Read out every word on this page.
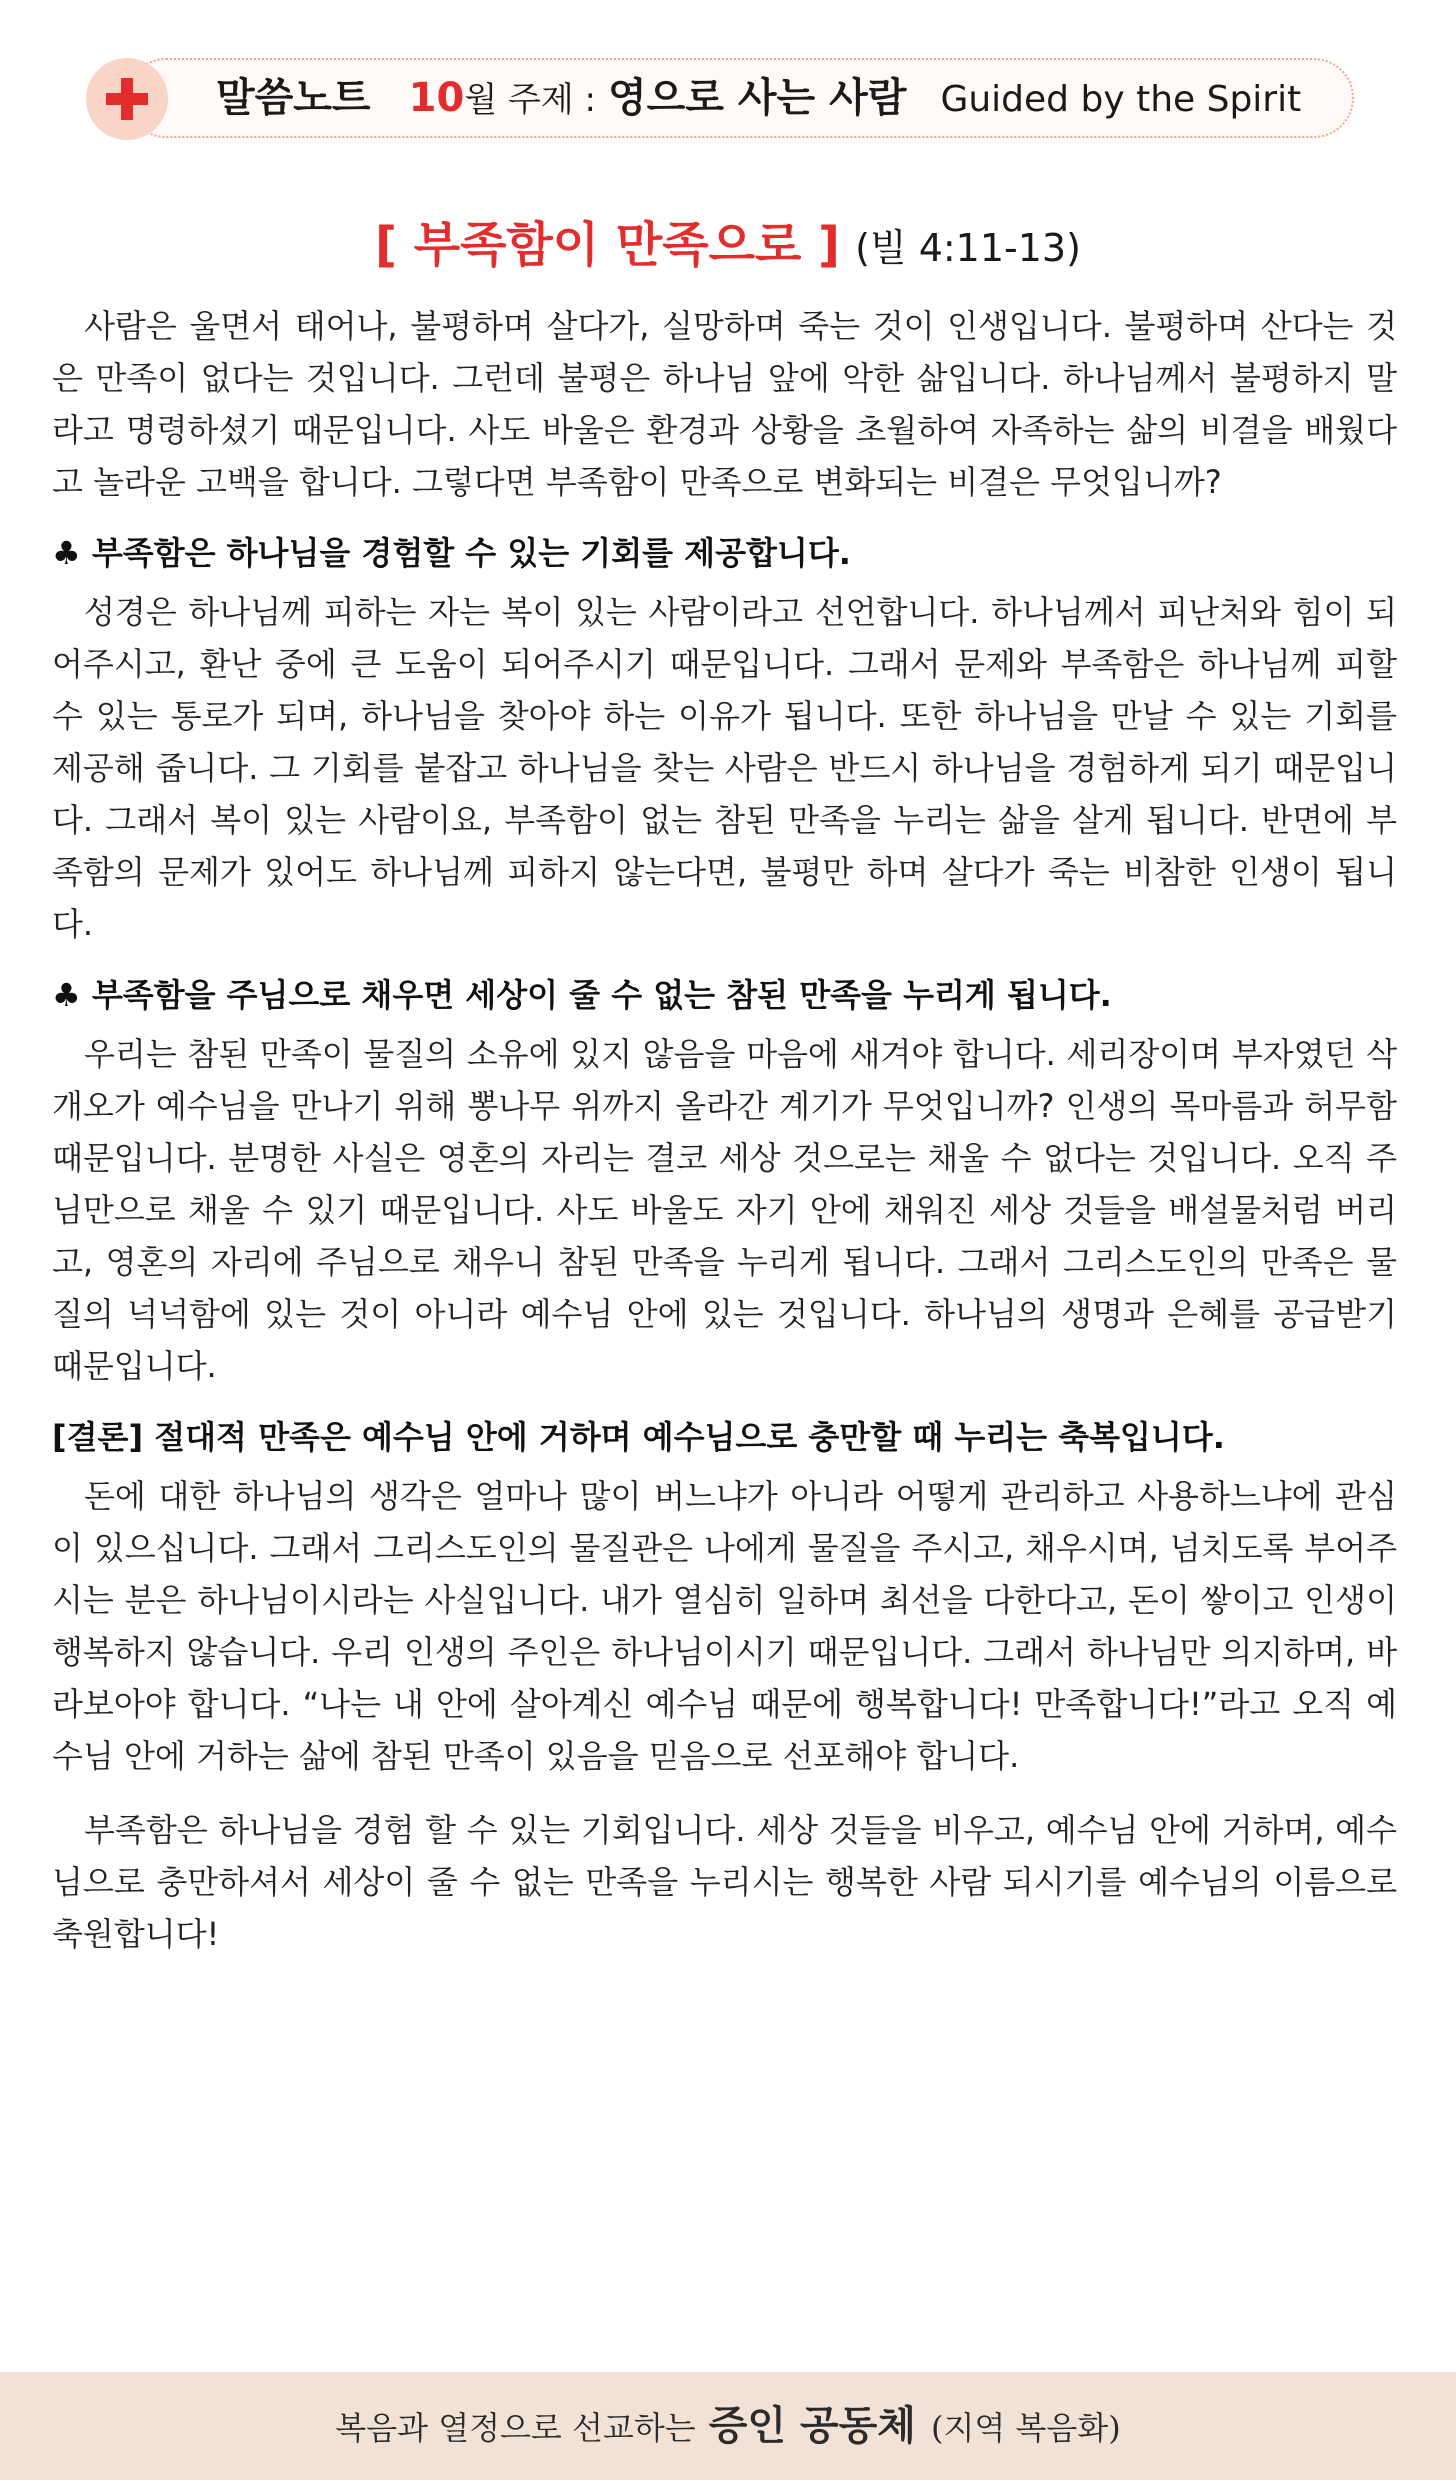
말씀노트 10월 주제 : 영으로 사는 사람 Guided by the Spirit
[ 부족함이 만족으로 ] (빌 4:11-13)

사람은 울면서 태어나, 불평하며 살다가, 실망하며 죽는 것이 인생입니다. 불평하며 산다는 것은 만족이 없다는 것입니다. 그런데 불평은 하나님 앞에 악한 삶입니다. 하나님께서 불평하지 말라고 명령하셨기 때문입니다. 사도 바울은 환경과 상황을 초월하여 자족하는 삶의 비결을 배웠다고 놀라운 고백을 합니다. 그렇다면 부족함이 만족으로 변화되는 비결은 무엇입니까?

♣ 부족함은 하나님을 경험할 수 있는 기회를 제공합니다.

성경은 하나님께 피하는 자는 복이 있는 사람이라고 선언합니다. 하나님께서 피난처와 힘이 되어주시고, 환난 중에 큰 도움이 되어주시기 때문입니다. 그래서 문제와 부족함은 하나님께 피할 수 있는 통로가 되며, 하나님을 찾아야 하는 이유가 됩니다. 또한 하나님을 만날 수 있는 기회를 제공해 줍니다. 그 기회를 붙잡고 하나님을 찾는 사람은 반드시 하나님을 경험하게 되기 때문입니다. 그래서 복이 있는 사람이요, 부족함이 없는 참된 만족을 누리는 삶을 살게 됩니다. 반면에 부족함의 문제가 있어도 하나님께 피하지 않는다면, 불평만 하며 살다가 죽는 비참한 인생이 됩니다.

♣ 부족함을 주님으로 채우면 세상이 줄 수 없는 참된 만족을 누리게 됩니다.

우리는 참된 만족이 물질의 소유에 있지 않음을 마음에 새겨야 합니다. 세리장이며 부자였던 삭개오가 예수님을 만나기 위해 뽕나무 위까지 올라간 계기가 무엇입니까? 인생의 목마름과 허무함 때문입니다. 분명한 사실은 영혼의 자리는 결코 세상 것으로는 채울 수 없다는 것입니다. 오직 주님만으로 채울 수 있기 때문입니다. 사도 바울도 자기 안에 채워진 세상 것들을 배설물처럼 버리고, 영혼의 자리에 주님으로 채우니 참된 만족을 누리게 됩니다. 그래서 그리스도인의 만족은 물질의 넉넉함에 있는 것이 아니라 예수님 안에 있는 것입니다. 하나님의 생명과 은혜를 공급받기 때문입니다.

[결론] 절대적 만족은 예수님 안에 거하며 예수님으로 충만할 때 누리는 축복입니다.

돈에 대한 하나님의 생각은 얼마나 많이 버느냐가 아니라 어떻게 관리하고 사용하느냐에 관심이 있으십니다. 그래서 그리스도인의 물질관은 나에게 물질을 주시고, 채우시며, 넘치도록 부어주시는 분은 하나님이시라는 사실입니다. 내가 열심히 일하며 최선을 다한다고, 돈이 쌓이고 인생이 행복하지 않습니다. 우리 인생의 주인은 하나님이시기 때문입니다. 그래서 하나님만 의지하며, 바라보아야 합니다. “나는 내 안에 살아계신 예수님 때문에 행복합니다! 만족합니다!”라고 오직 예수님 안에 거하는 삶에 참된 만족이 있음을 믿음으로 선포해야 합니다.

부족함은 하나님을 경험 할 수 있는 기회입니다. 세상 것들을 비우고, 예수님 안에 거하며, 예수님으로 충만하셔서 세상이 줄 수 없는 만족을 누리시는 행복한 사람 되시기를 예수님의 이름으로 축원합니다!

복음과 열정으로 선교하는 증인 공동체 (지역 복음화)
